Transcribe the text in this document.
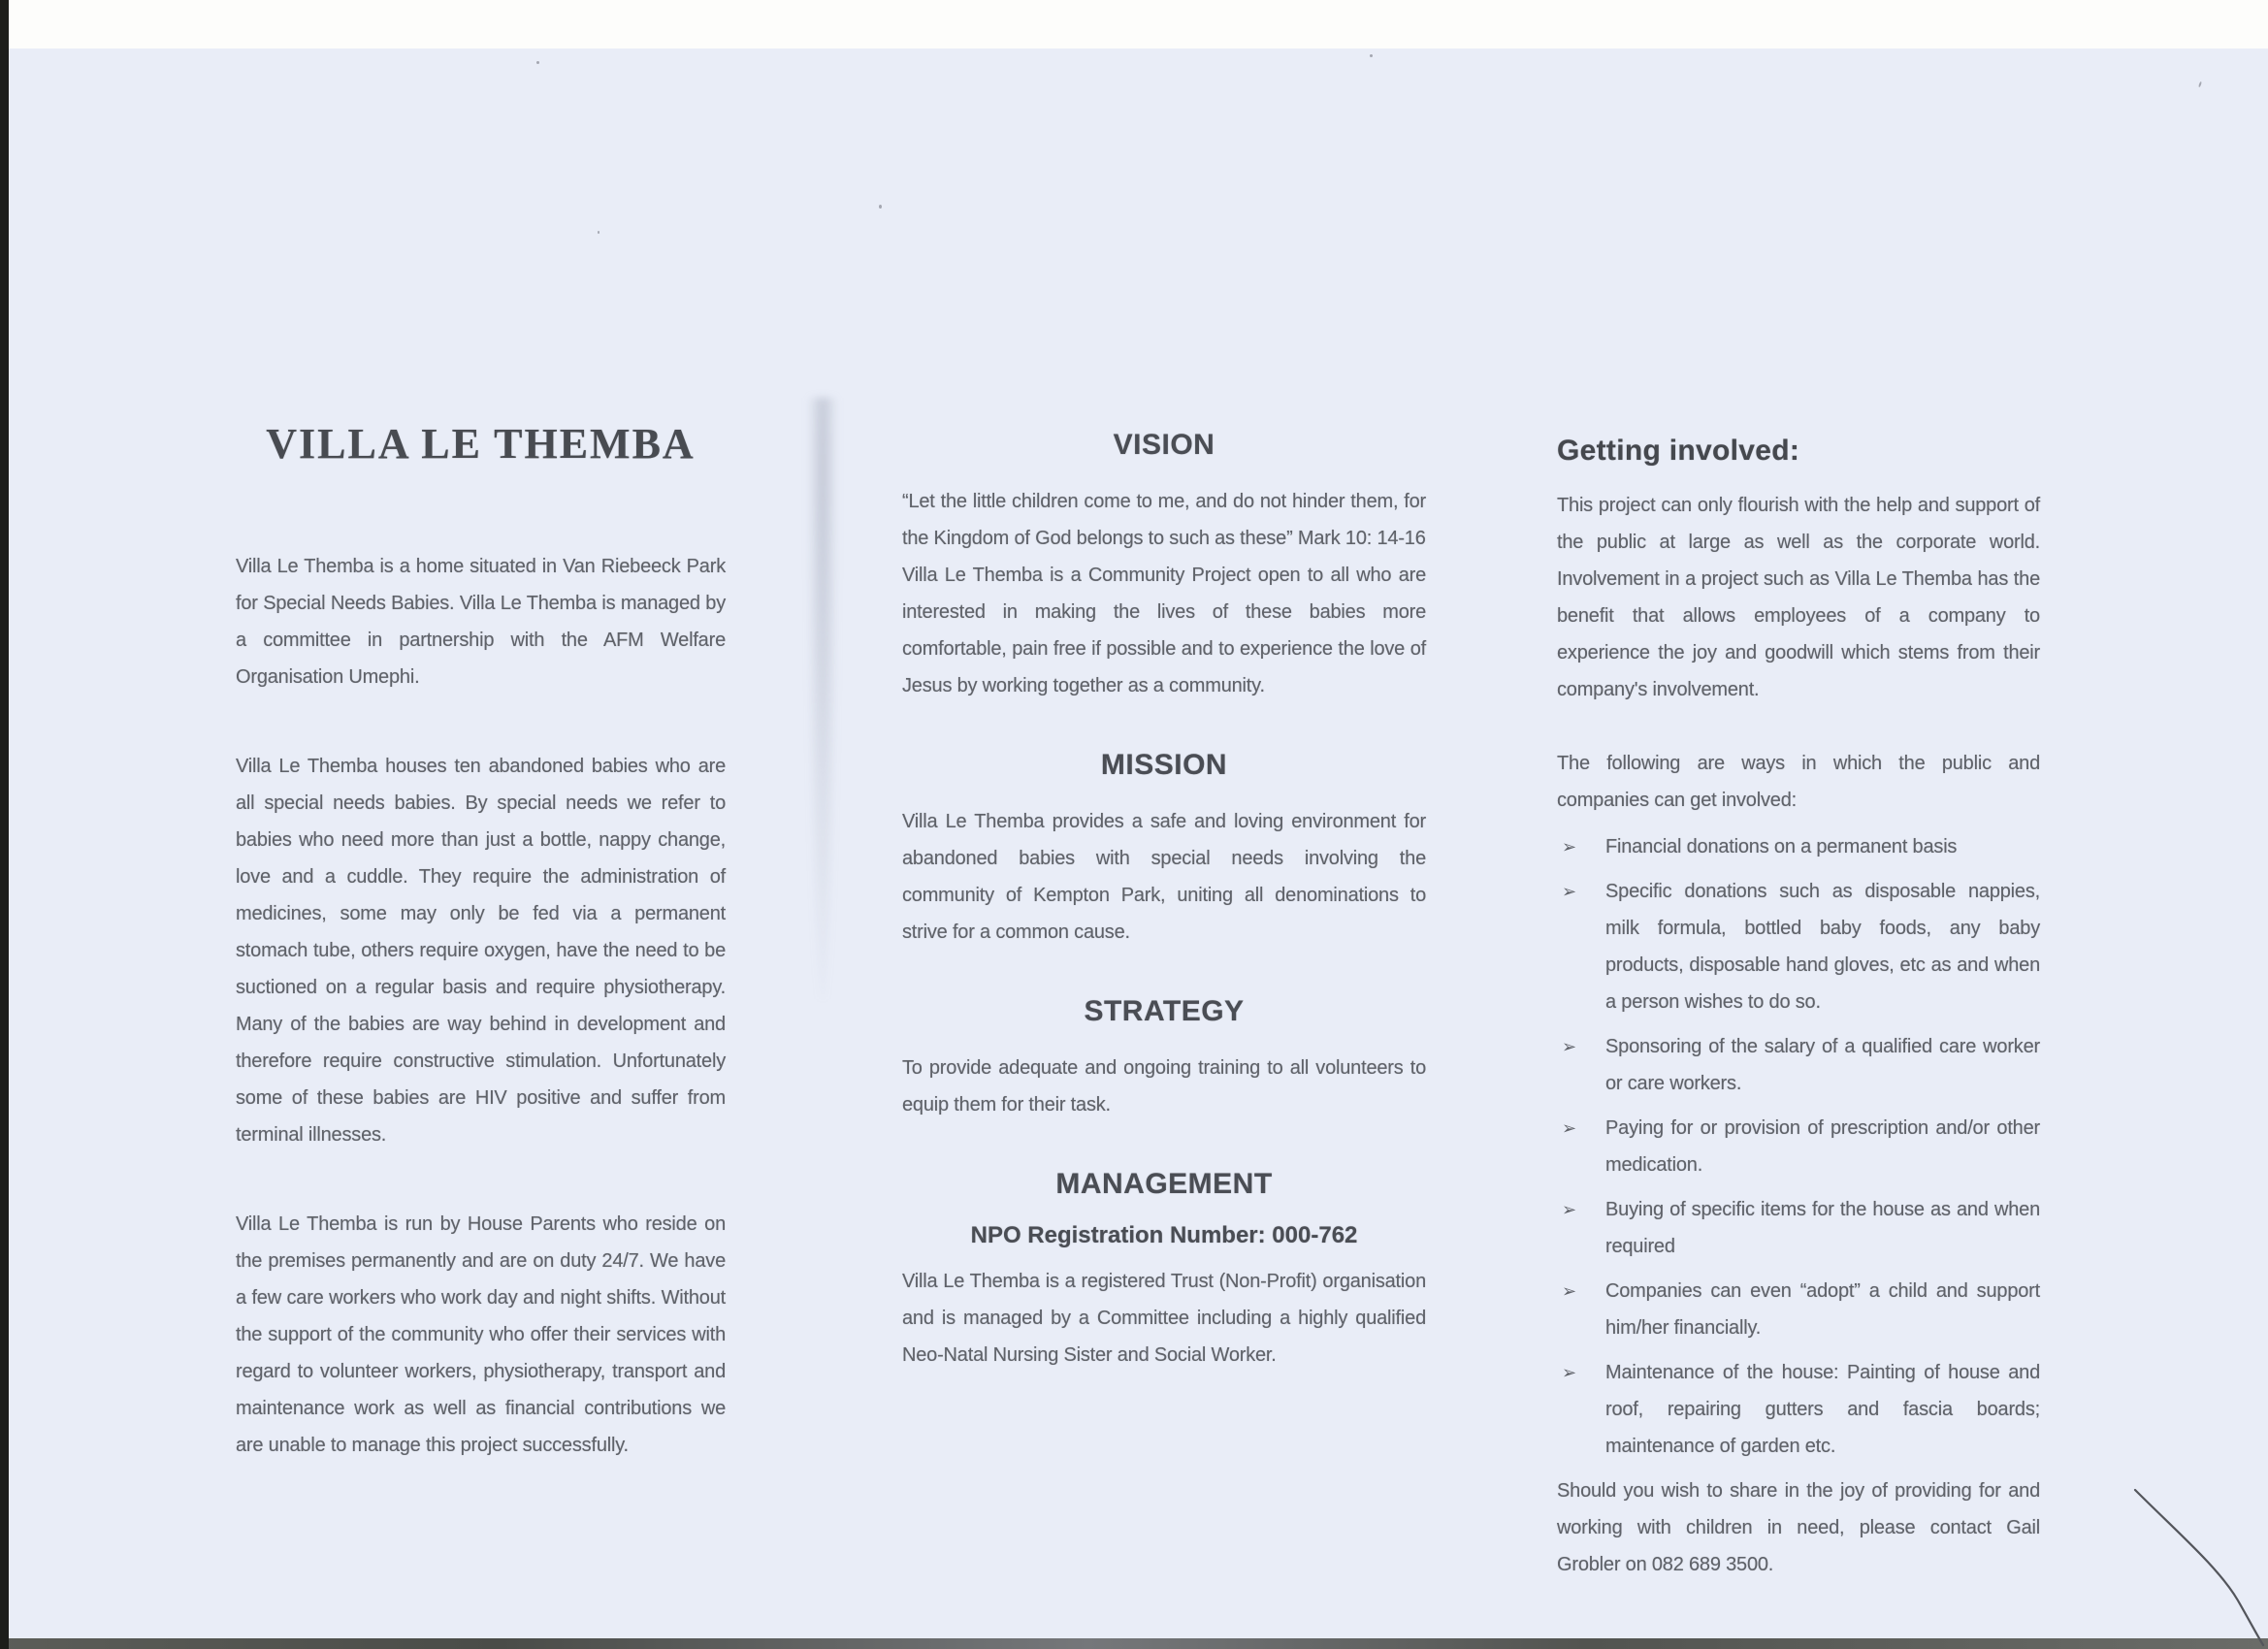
VILLA LE THEMBA

Villa Le Themba is a home situated in Van Riebeeck Park for Special Needs Babies. Villa Le Themba is managed by a committee in partnership with the AFM Welfare Organisation Umephi.

Villa Le Themba houses ten abandoned babies who are all special needs babies. By special needs we refer to babies who need more than just a bottle, nappy change, love and a cuddle. They require the administration of medicines, some may only be fed via a permanent stomach tube, others require oxygen, have the need to be suctioned on a regular basis and require physiotherapy. Many of the babies are way behind in development and therefore require constructive stimulation. Unfortunately some of these babies are HIV positive and suffer from terminal illnesses.

Villa Le Themba is run by House Parents who reside on the premises permanently and are on duty 24/7. We have a few care workers who work day and night shifts. Without the support of the community who offer their services with regard to volunteer workers, physiotherapy, transport and maintenance work as well as financial contributions we are unable to manage this project successfully.

VISION

“Let the little children come to me, and do not hinder them, for the Kingdom of God belongs to such as these” Mark 10: 14-16

Villa Le Themba is a Community Project open to all who are interested in making the lives of these babies more comfortable, pain free if possible and to experience the love of Jesus by working together as a community.

MISSION

Villa Le Themba provides a safe and loving environment for abandoned babies with special needs involving the community of Kempton Park, uniting all denominations to strive for a common cause.

STRATEGY

To provide adequate and ongoing training to all volunteers to equip them for their task.

MANAGEMENT
NPO Registration Number: 000-762

Villa Le Themba is a registered Trust (Non-Profit) organisation and is managed by a Committee including a highly qualified Neo-Natal Nursing Sister and Social Worker.

Getting involved:

This project can only flourish with the help and support of the public at large as well as the corporate world. Involvement in a project such as Villa Le Themba has the benefit that allows employees of a company to experience the joy and goodwill which stems from their company's involvement.

The following are ways in which the public and companies can get involved:

➢	Financial donations on a permanent basis
➢	Specific donations such as disposable nappies, milk formula, bottled baby foods, any baby products, disposable hand gloves, etc as and when a person wishes to do so.
➢	Sponsoring of the salary of a qualified care worker or care workers.
➢	Paying for or provision of prescription and/or other medication.
➢	Buying of specific items for the house as and when required
➢	Companies can even “adopt” a child and support him/her financially.
➢	Maintenance of the house: Painting of house and roof, repairing gutters and fascia boards; maintenance of garden etc.

Should you wish to share in the joy of providing for and working with children in need, please contact Gail Grobler on 082 689 3500.
